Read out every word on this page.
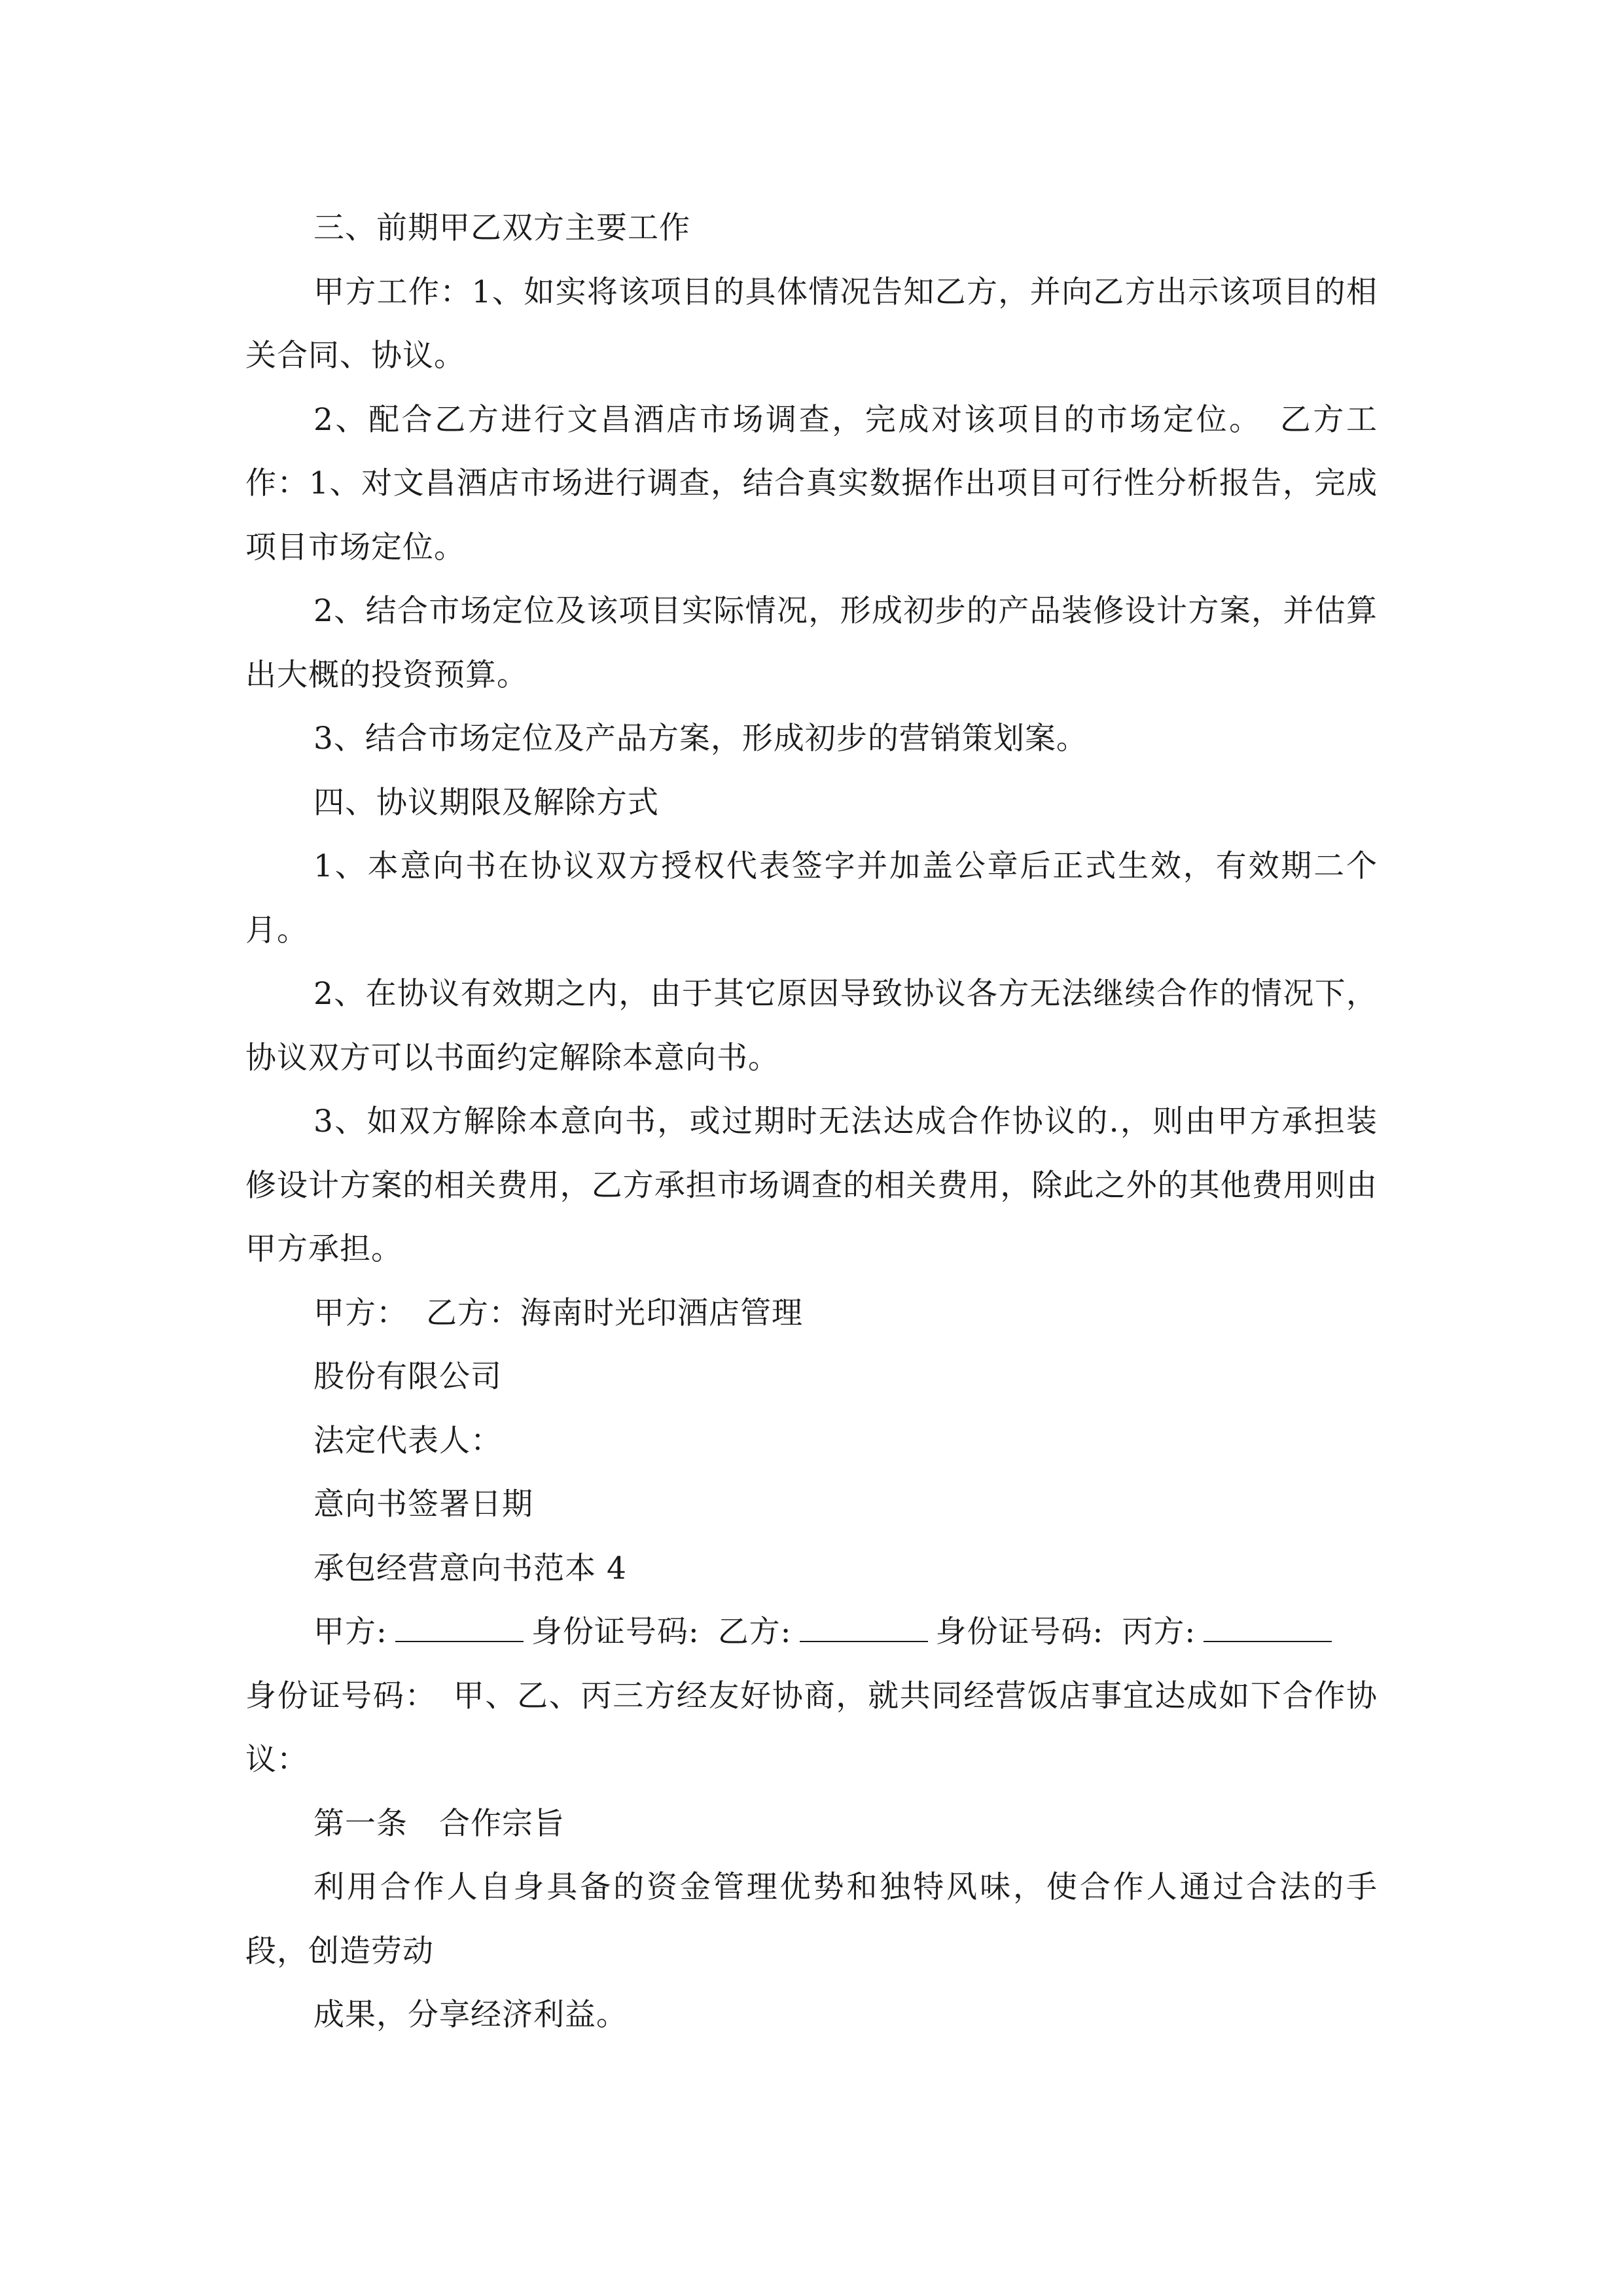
三、前期甲乙双方主要工作

甲方工作：1、如实将该项目的具体情况告知乙方，并向乙方出示该项目的相关合同、协议。

2、配合乙方进行文昌酒店市场调查，完成对该项目的市场定位。　乙方工作：1、对文昌酒店市场进行调查，结合真实数据作出项目可行性分析报告，完成项目市场定位。

2、结合市场定位及该项目实际情况，形成初步的产品装修设计方案，并估算出大概的投资预算。

3、结合市场定位及产品方案，形成初步的营销策划案。

四、协议期限及解除方式

1、本意向书在协议双方授权代表签字并加盖公章后正式生效，有效期二个月。

2、在协议有效期之内，由于其它原因导致协议各方无法继续合作的情况下，协议双方可以书面约定解除本意向书。

3、如双方解除本意向书，或过期时无法达成合作协议的.，则由甲方承担装修设计方案的相关费用，乙方承担市场调查的相关费用，除此之外的其他费用则由甲方承担。

甲方： 乙方：海南时光印酒店管理

股份有限公司

法定代表人：

意向书签署日期

承包经营意向书范本 4

甲方:	身份证号码: 乙方:	身份证号码: 丙方:

身份证号码：　甲、乙、丙三方经友好协商，就共同经营饭店事宜达成如下合作协议：

第一条　合作宗旨

利用合作人自身具备的资金管理优势和独特风味，使合作人通过合法的手段，创造劳动

成果，分享经济利益。
